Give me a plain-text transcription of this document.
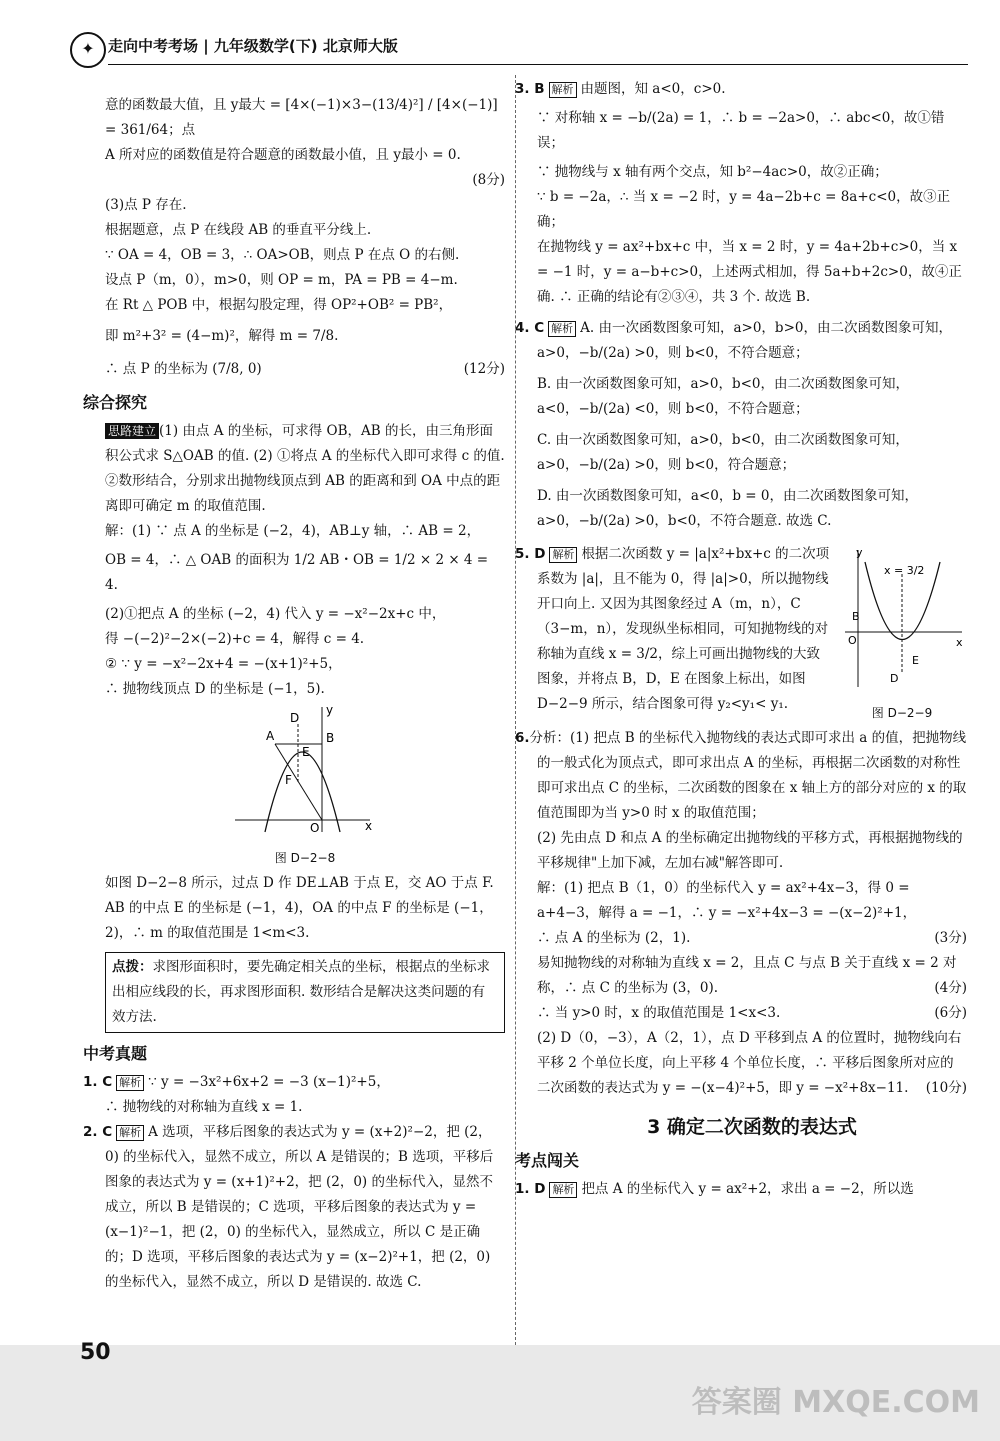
✦ 走向中考考场 | 九年级数学(下) 北京师大版

意的函数最大值，且 y最大 = [4×(−1)×3−(13/4)²] / [4×(−1)] = 361/64；点

A 所对应的函数值是符合题意的函数最小值，且 y最小 = 0.

(8分)

(3)点 P 存在.

根据题意，点 P 在线段 AB 的垂直平分线上.

∵ OA = 4，OB = 3，∴ OA>OB，则点 P 在点 O 的右侧.

设点 P（m，0），m>0，则 OP = m，PA = PB = 4−m.

在 Rt △ POB 中，根据勾股定理，得 OP²+OB² = PB²，

即 m²+3² = (4−m)²，解得 m = 7/8.

∴ 点 P 的坐标为 (7/8, 0)	(12分)

综合探究

思路建立 (1) 由点 A 的坐标，可求得 OB，AB 的长，由三角形面积公式求 S△OAB 的值. (2) ①将点 A 的坐标代入即可求得 c 的值. ②数形结合，分别求出抛物线顶点到 AB 的距离和到 OA 中点的距离即可确定 m 的取值范围.

解：(1) ∵ 点 A 的坐标是 (−2，4)，AB⊥y 轴，∴ AB = 2，

OB = 4，∴ △ OAB 的面积为 1/2 AB・OB = 1/2 × 2 × 4 = 4.

(2)①把点 A 的坐标 (−2，4) 代入 y = −x²−2x+c 中，

得 −(−2)²−2×(−2)+c = 4，解得 c = 4.

② ∵ y = −x²−2x+4 = −(x+1)²+5，

∴ 抛物线顶点 D 的坐标是 (−1，5).

A	B
D
E
F
O	x
y
图 D−2−8

如图 D−2−8 所示，过点 D 作 DE⊥AB 于点 E，交 AO 于点 F. AB 的中点 E 的坐标是 (−1，4)，OA 的中点 F 的坐标是 (−1，2)，∴ m 的取值范围是 1<m<3.

点拨：求图形面积时，要先确定相关点的坐标，根据点的坐标求出相应线段的长，再求图形面积. 数形结合是解决这类问题的有效方法.
中考真题

1. C 解析 ∵ y = −3x²+6x+2 = −3 (x−1)²+5，

∴ 抛物线的对称轴为直线 x = 1.

2. C 解析 A 选项，平移后图象的表达式为 y = (x+2)²−2，把 (2，0) 的坐标代入，显然不成立，所以 A 是错误的；B 选项，平移后图象的表达式为 y = (x+1)²+2，把 (2，0) 的坐标代入，显然不成立，所以 B 是错误的；C 选项，平移后图象的表达式为 y = (x−1)²−1，把 (2，0) 的坐标代入，显然成立，所以 C 是正确的；D 选项，平移后图象的表达式为 y = (x−2)²+1，把 (2，0) 的坐标代入，显然不成立，所以 D 是错误的. 故选 C.

3. B 解析 由题图，知 a<0，c>0.

∵ 对称轴 x = −b/(2a) = 1，∴ b = −2a>0，∴ abc<0，故①错误；

∵ 抛物线与 x 轴有两个交点，知 b²−4ac>0，故②正确；

∵ b = −2a，∴ 当 x = −2 时，y = 4a−2b+c = 8a+c<0，故③正确；

在抛物线 y = ax²+bx+c 中，当 x = 2 时，y = 4a+2b+c>0，当 x = −1 时，y = a−b+c>0，上述两式相加，得 5a+b+2c>0，故④正确. ∴ 正确的结论有②③④，共 3 个. 故选 B.

4. C 解析 A. 由一次函数图象可知，a>0，b>0，由二次函数图象可知，a>0，−b/(2a) >0，则 b<0，不符合题意；

B. 由一次函数图象可知，a>0，b<0，由二次函数图象可知，a<0，−b/(2a) <0，则 b<0，不符合题意；

C. 由一次函数图象可知，a>0，b<0，由二次函数图象可知，a>0，−b/(2a) >0，则 b<0，符合题意；

D. 由一次函数图象可知，a<0，b = 0，由二次函数图象可知，a>0，−b/(2a) >0，b<0，不符合题意. 故选 C.

y
x
O
B
E
D
x = 3/2
图 D−2−9

5. D 解析 根据二次函数 y = |a|x²+bx+c 的二次项系数为 |a|，且不能为 0，得 |a|>0，所以抛物线开口向上. 又因为其图象经过 A（m，n），C（3−m，n），发现纵坐标相同，可知抛物线的对称轴为直线 x = 3/2，综上可画出抛物线的大致图象，并将点 B，D，E 在图象上标出，如图 D−2−9 所示，结合图象可得 y₂<y₁< y₁.

6.分析：(1) 把点 B 的坐标代入抛物线的表达式即可求出 a 的值，把抛物线的一般式化为顶点式，即可求出点 A 的坐标，再根据二次函数的对称性即可求出点 C 的坐标，二次函数的图象在 x 轴上方的部分对应的 x 的取值范围即为当 y>0 时 x 的取值范围；

(2) 先由点 D 和点 A 的坐标确定出抛物线的平移方式，再根据抛物线的平移规律"上加下减，左加右减"解答即可.

解：(1) 把点 B（1，0）的坐标代入 y = ax²+4x−3，得 0 = a+4−3，解得 a = −1，∴ y = −x²+4x−3 = −(x−2)²+1，

∴ 点 A 的坐标为 (2，1).	(3分)

易知抛物线的对称轴为直线 x = 2，且点 C 与点 B 关于直线 x = 2 对称，∴ 点 C 的坐标为 (3，0).	(4分)

∴ 当 y>0 时，x 的取值范围是 1<x<3.	(6分)

(2) D（0，−3），A（2，1），点 D 平移到点 A 的位置时，抛物线向右平移 2 个单位长度，向上平移 4 个单位长度，∴ 平移后图象所对应的二次函数的表达式为 y = −(x−4)²+5，即 y = −x²+8x−11. (10分)

3 确定二次函数的表达式
考点闯关

1. D 解析 把点 A 的坐标代入 y = ax²+2，求出 a = −2，所以选

50
答案圈 MXQE.COM
